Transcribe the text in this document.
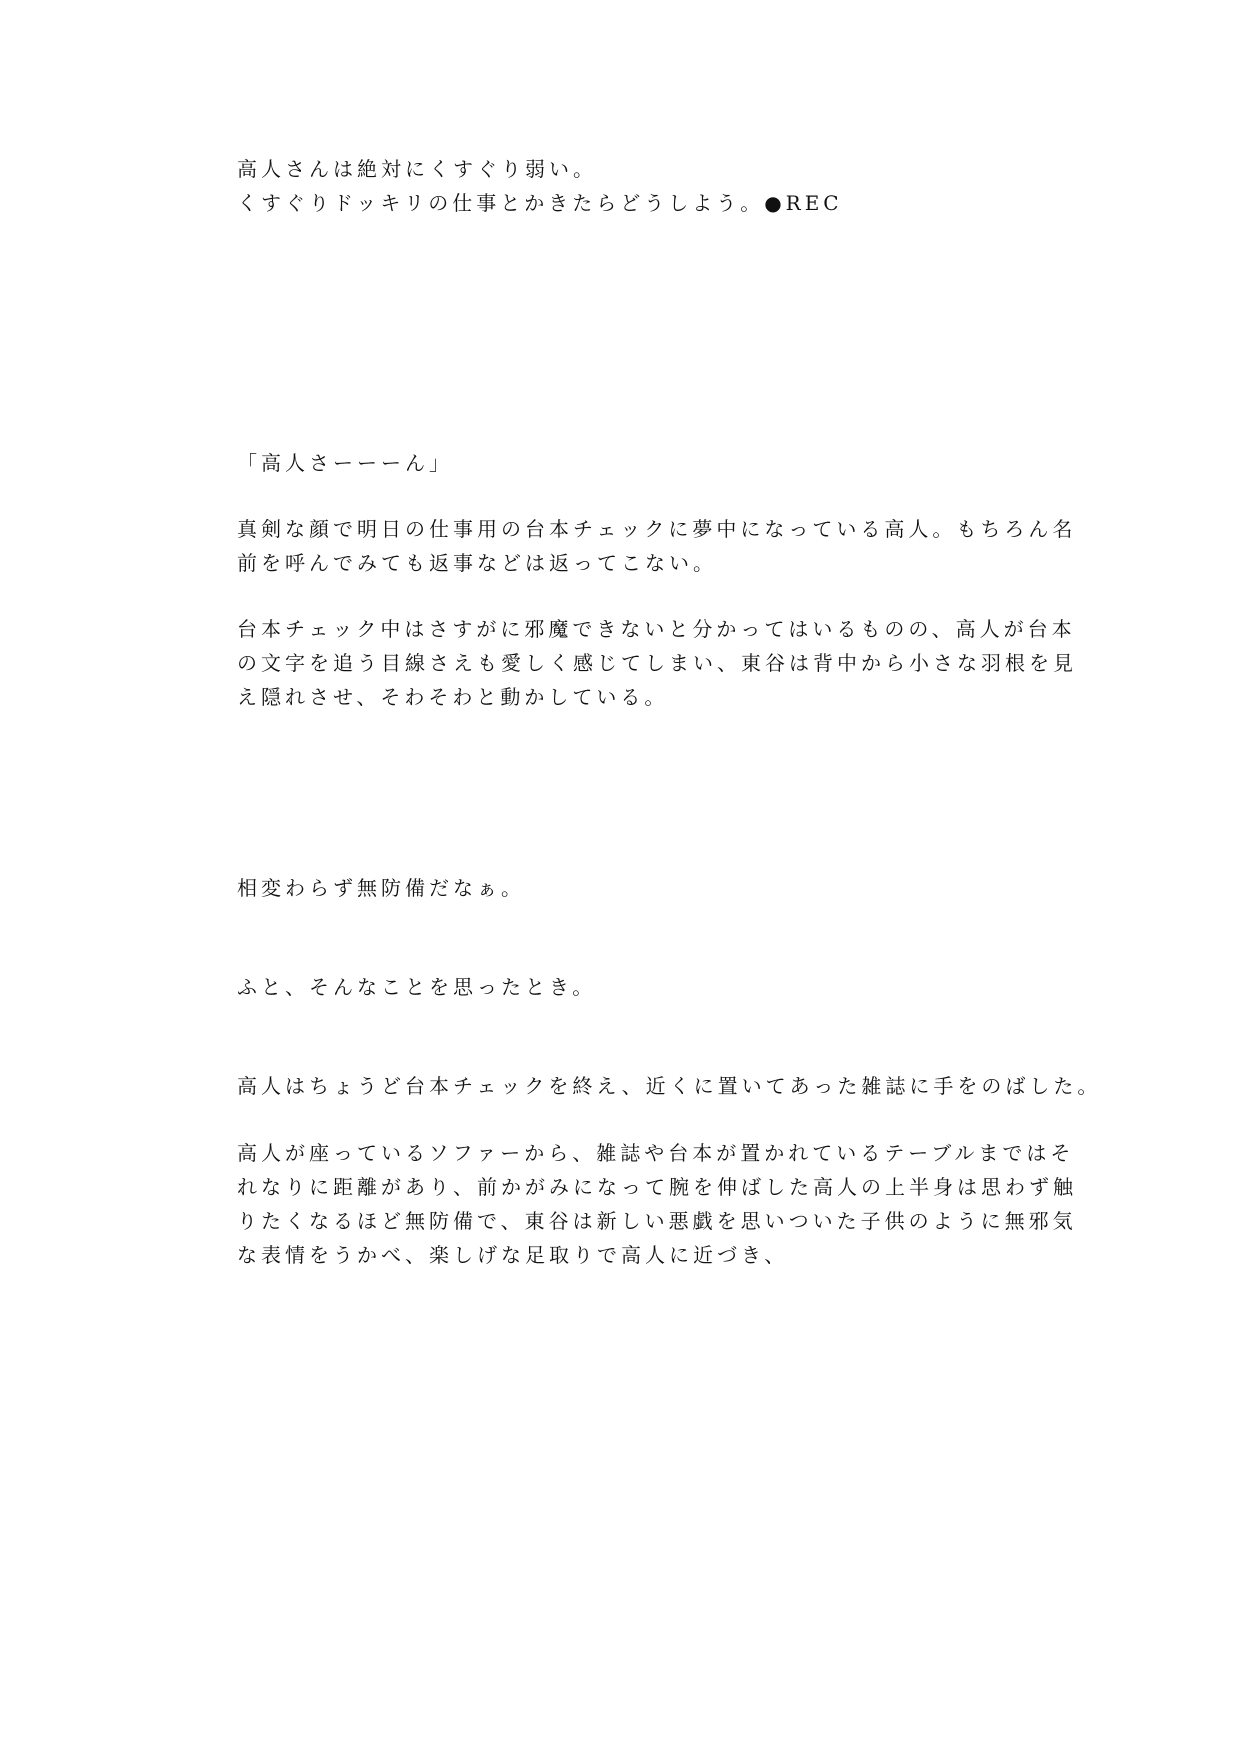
高人さんは絶対にくすぐり弱い。

くすぐりドッキリの仕事とかきたらどうしよう。●REC

「高人さーーーん」

真剣な顔で明日の仕事用の台本チェックに夢中になっている高人。もちろん名

前を呼んでみても返事などは返ってこない。

台本チェック中はさすがに邪魔できないと分かってはいるものの、高人が台本

の文字を追う目線さえも愛しく感じてしまい、東谷は背中から小さな羽根を見

え隠れさせ、そわそわと動かしている。

相変わらず無防備だなぁ。

ふと、そんなことを思ったとき。

高人はちょうど台本チェックを終え、近くに置いてあった雑誌に手をのばした。

高人が座っているソファーから、雑誌や台本が置かれているテーブルまではそ

れなりに距離があり、前かがみになって腕を伸ばした高人の上半身は思わず触

りたくなるほど無防備で、東谷は新しい悪戯を思いついた子供のように無邪気

な表情をうかべ、楽しげな足取りで高人に近づき、
